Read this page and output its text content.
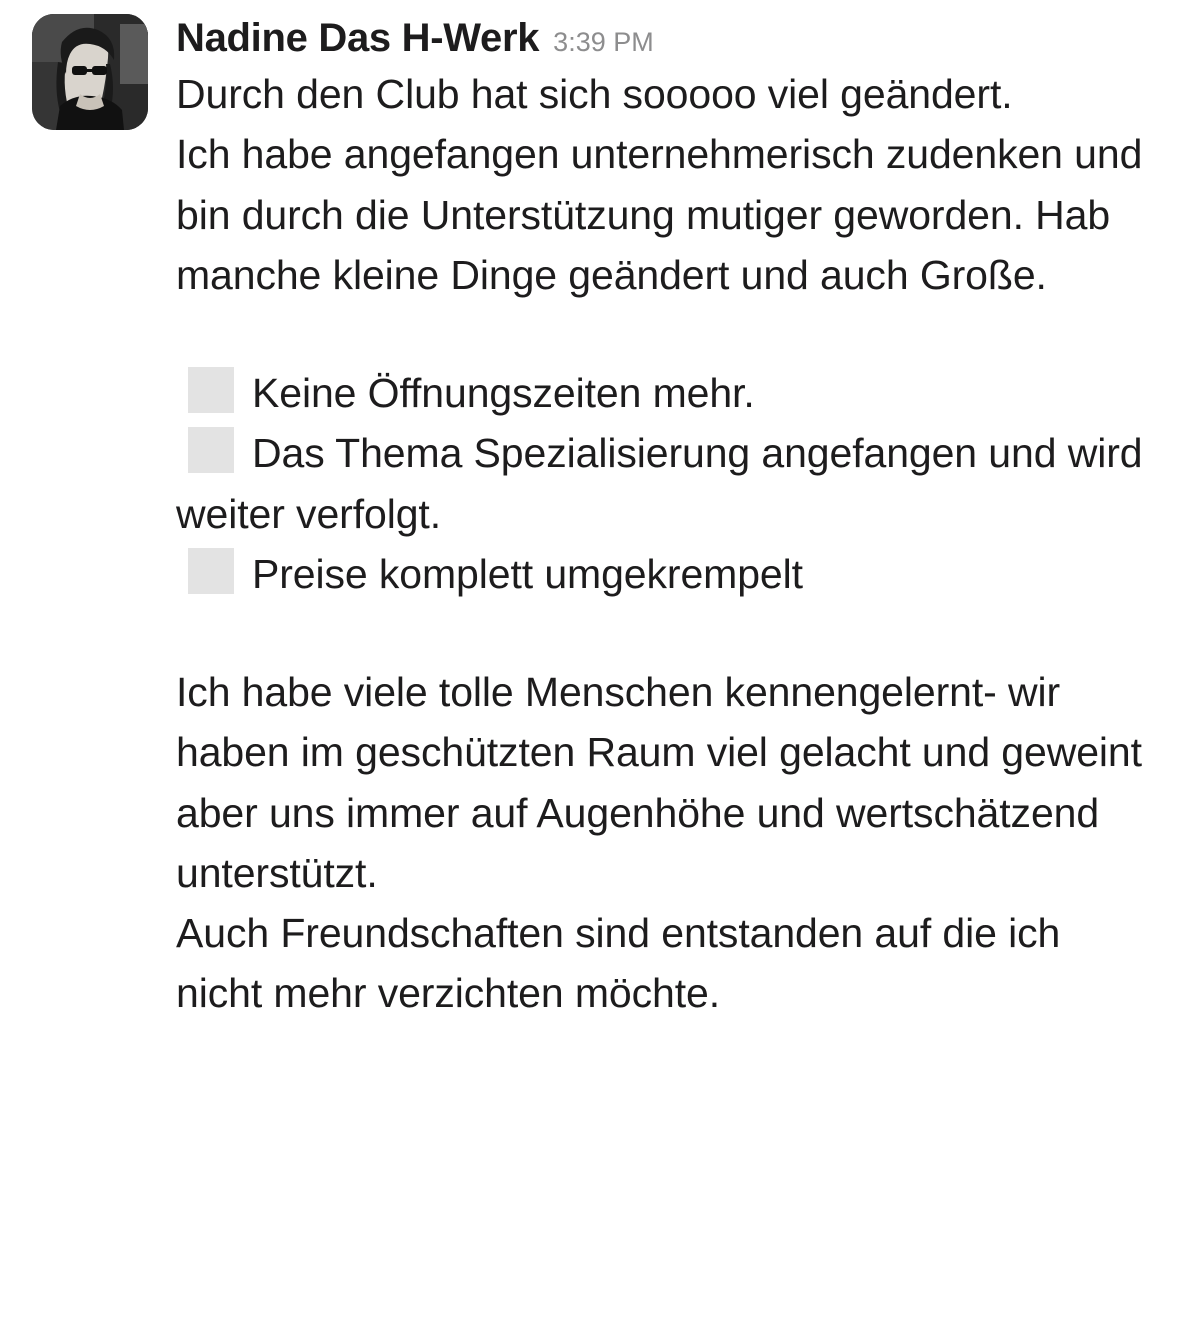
Nadine Das H-Werk 3:39 PM

Durch den Club hat sich sooooo viel geändert.

Ich habe angefangen unternehmerisch zudenken und bin durch die Unterstützung mutiger geworden. Hab manche kleine Dinge geändert und auch Große.

Keine Öffnungszeiten mehr.
Das Thema Spezialisierung angefangen und wird weiter verfolgt.
Preise komplett umgekrempelt

Ich habe viele tolle Menschen kennengelernt- wir haben im geschützten Raum viel gelacht und geweint aber uns immer auf Augenhöhe und wertschätzend unterstützt.

Auch Freundschaften sind entstanden auf die ich nicht mehr verzichten möchte.
